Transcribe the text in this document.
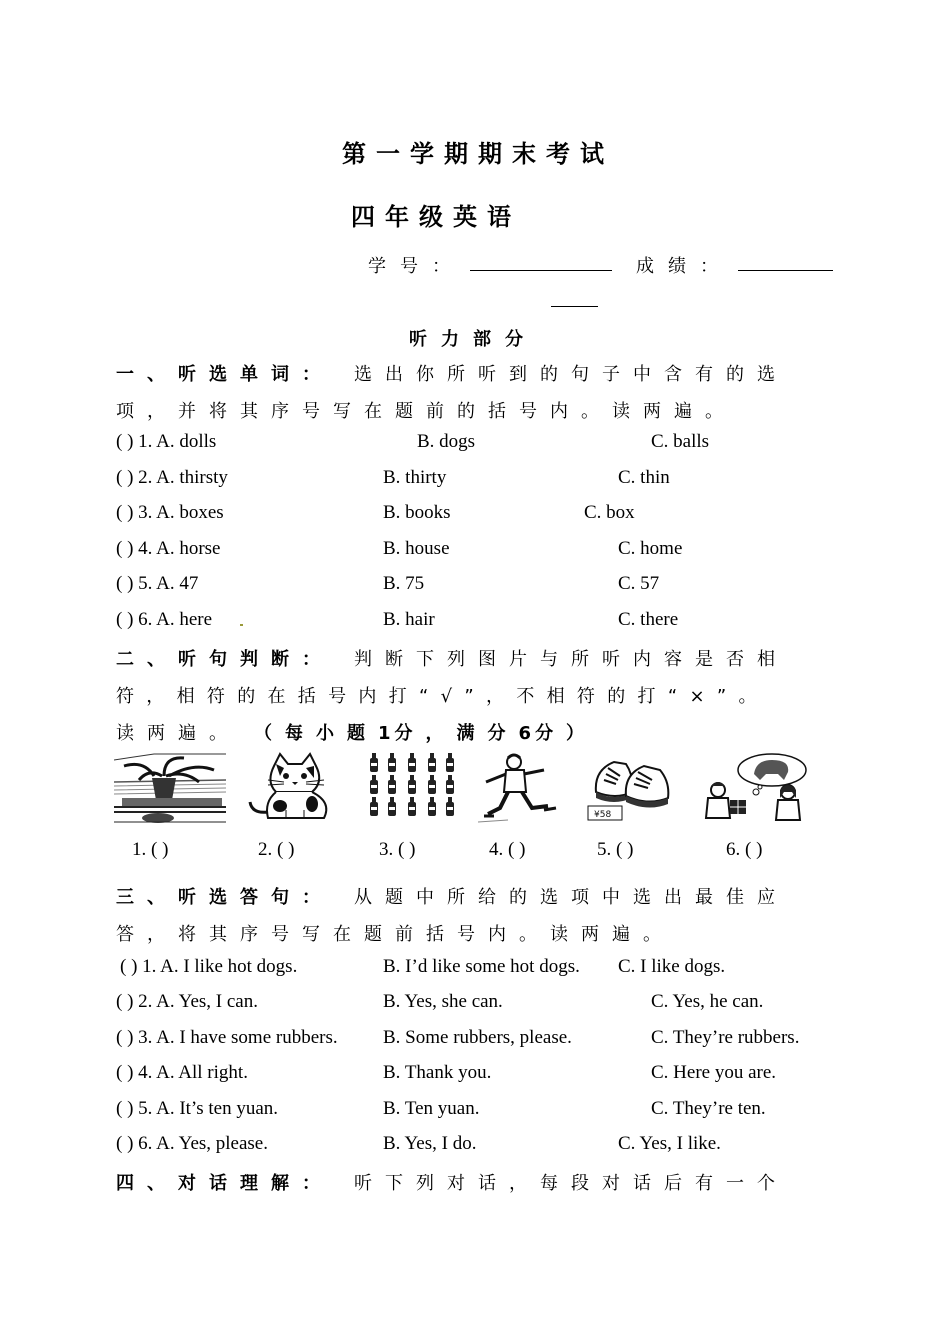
第一学期期末考试
四年级英语
学号：	成绩：
听力部分
一、听选单词： 选出你所听到的句子中含有的选
项，并将其序号写在题前的括号内。读两遍。
( ) 1. A. dolls	B. dogs	C. balls
( ) 2. A. thirsty	B. thirty	C. thin
( ) 3. A. boxes	B. books	C. box
( ) 4. A. horse	B. house	C. home
( ) 5. A. 47	B. 75	C. 57
( ) 6. A. here	B. hair	C. there
二、听句判断： 判断下列图片与所听内容是否相
符，相符的在括号内打“√”，不相符的打“×”。
读两遍。 （每小题1 分，满分6 分）
¥58
1. ( )	2. ( )	3. ( )	4. ( )	5. ( )	6. ( )
三、听选答句： 从题中所给的选项中选出最佳应
答，将其序号写在题前括号内。读两遍。
( ) 1. A. I like hot dogs.	B. I’d like some hot dogs. C. I like dogs.
( ) 2. A. Yes, I can.	B. Yes, she can.	C. Yes, he can.
( ) 3. A. I have some rubbers. B. Some rubbers, please.	C. They’re rubbers.
( ) 4. A. All right.	B. Thank you.	C. Here you are.
( ) 5. A. It’s ten yuan.	B. Ten yuan.	C. They’re ten.
( ) 6. A. Yes, please.	B. Yes, I do.	C. Yes, I like.
四、对话理解： 听下列对话，每段对话后有一个
